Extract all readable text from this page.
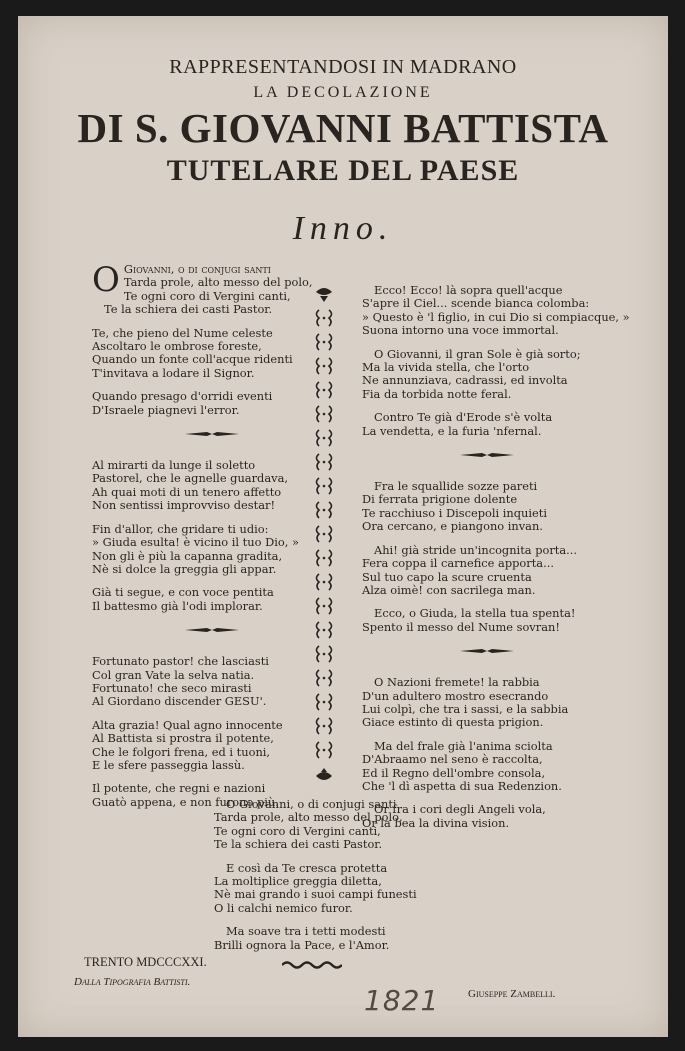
RAPPRESENTANDOSI IN MADRANO
LA DECOLAZIONE
DI S. GIOVANNI BATTISTA
TUTELARE DEL PAESE
Inno.
O Giovanni, o di conjugi santi
Tarda prole, alto messo del polo,
Te ogni coro di Vergini canti,
Te la schiera dei casti Pastor.
Te, che pieno del Nume celeste
Ascoltaro le ombrose foreste,
Quando un fonte coll'acque ridenti
T'invitava a lodare il Signor.
Quando presago d'orridi eventi
D'Israele piagnevi l'error.
Al mirarti da lunge il soletto
Pastorel, che le agnelle guardava,
Ah quai moti di un tenero affetto
Non sentissi improvviso destar!
Fin d'allor, che gridare ti udio:
» Giuda esulta! è vicino il tuo Dio, »
Non gli è più la capanna gradita,
Nè si dolce la greggia gli appar.
Già ti segue, e con voce pentita
Il battesmo già l'odi implorar.
Fortunato pastor! che lasciasti
Col gran Vate la selva natia.
Fortunato! che seco mirasti
Al Giordano discender GESU'.
Alta grazia! Qual agno innocente
Al Battista si prostra il potente,
Che le folgori frena, ed i tuoni,
E le sfere passeggia lassù.
Il potente, che regni e nazioni
Guatò appena, e non furono più.
Ecco! Ecco! là sopra quell'acque
S'apre il Ciel... scende bianca colomba:
» Questo è 'l figlio, in cui Dio si compiacque, »
Suona intorno una voce immortal.
O Giovanni, il gran Sole è già sorto;
Ma la vivida stella, che l'orto
Ne annunziava, cadrassi, ed involta
Fia da torbida notte feral.
Contro Te già d'Erode s'è volta
La vendetta, e la furia 'nfernal.
Fra le squallide sozze pareti
Di ferrata prigione dolente
Te racchiuso i Discepoli inquieti
Ora cercano, e piangono invan.
Ahi! già stride un'incognita porta...
Fera coppa il carnefice apporta...
Sul tuo capo la scure cruenta
Alza oimè! con sacrilega man.
Ecco, o Giuda, la stella tua spenta!
Spento il messo del Nume sovran!
O Nazioni fremete! la rabbia
D'un adultero mostro esecrando
Lui colpì, che tra i sassi, e la sabbia
Giace estinto di questa prigion.
Ma del frale già l'anima sciolta
D'Abraamo nel seno è raccolta,
Ed il Regno dell'ombre consola,
Che 'l dì aspetta di sua Redenzion.
Or fra i cori degli Angeli vola,
Or la bea la divina vision.
O Giovanni, o di conjugi santi
Tarda prole, alto messo del polo,
Te ogni coro di Vergini canti,
Te la schiera dei casti Pastor.
E così da Te cresca protetta
La moltiplice greggia diletta,
Nè mai grando i suoi campi funesti
O li calchi nemico furor.
Ma soave tra i tetti modesti
Brilli ognora la Pace, e l'Amor.
TRENTO MDCCCXXI.
Dalla Tipografia Battisti.
1821	Giuseppe Zambelli.
